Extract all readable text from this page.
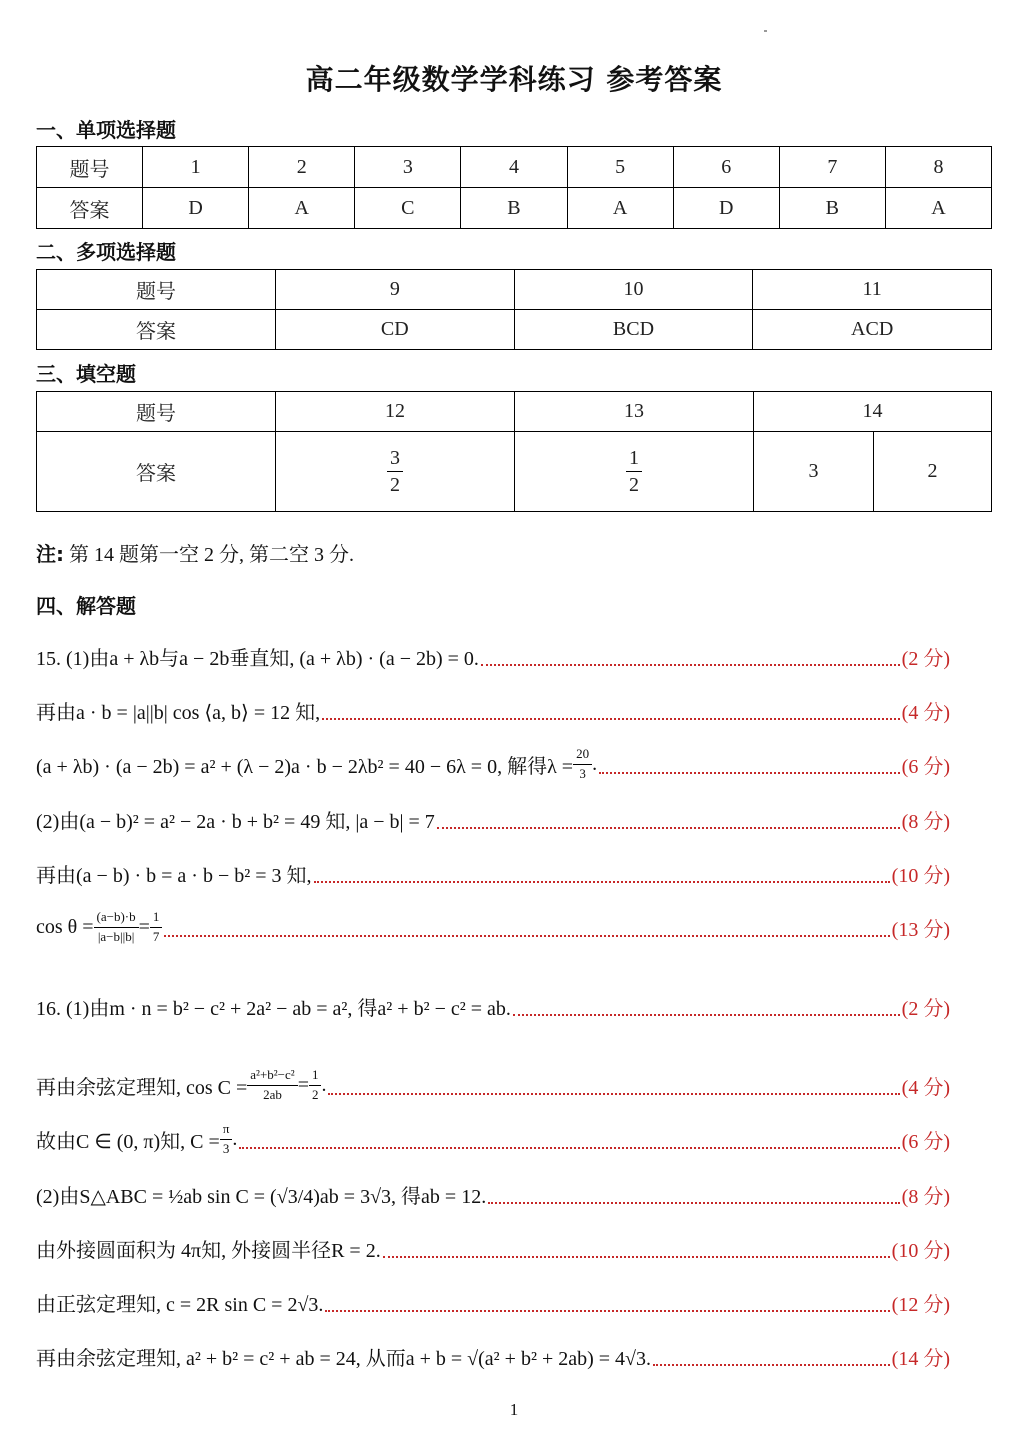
高二年级数学学科练习 参考答案
一、单项选择题
题号	1	2	3	4	5	6	7	8
答案	D	A	C	B	A	D	B	A
二、多项选择题
题号	9	10	11
答案	CD	BCD	ACD
三、填空题
题号	12	13	14	
答案	$\frac{3}{2}$	$\frac{1}{2}$	3	2
注: 第 14 题第一空 2 分, 第二空 3 分.
四、解答题
15. (1)由a + λb与a − 2b垂直知, (a + λb) · (a − 2b) = 0.	(2 分)
再由a · b = |a||b| cos ⟨a, b⟩ = 12 知,	(4 分)
(a + λb) · (a − 2b) = a² + (λ − 2)a · b − 2λb² = 40 − 6λ = 0, 解得$\lambda = \frac{20}{3}$ .	(6 分)
(2)由(a − b)² = a² − 2a · b + b² = 49 知, |a − b| = 7	(8 分)
再由(a − b) · b = a · b − b² = 3 知,	(10 分)
$\cos \theta = \frac{(a-b)\cdot b}{|a-b||b|} = \frac{1}{7}$	(13 分)
16. (1)由m · n = b² − c² + 2a² − ab = a², 得a² + b² − c² = ab.	(2 分)
再由余弦定理知, $\cos C = \frac{\text{a²+b²−c²}}{2ab} = \frac{1}{2}$ .	(4 分)
故由C ∈ (0, π)知, $C = \frac{\pi}{3}$ .	(6 分)
(2)由S△ABC = ½ab sin C = (√3/4)ab = 3√3, 得ab = 12.	(8 分)
由外接圆面积为 4π知, 外接圆半径R = 2.	(10 分)
由正弦定理知, c = 2R sin C = 2√3.	(12 分)
再由余弦定理知, a² + b² = c² + ab = 24, 从而a + b = √(a² + b² + 2ab) = 4√3.	(14 分)
1
